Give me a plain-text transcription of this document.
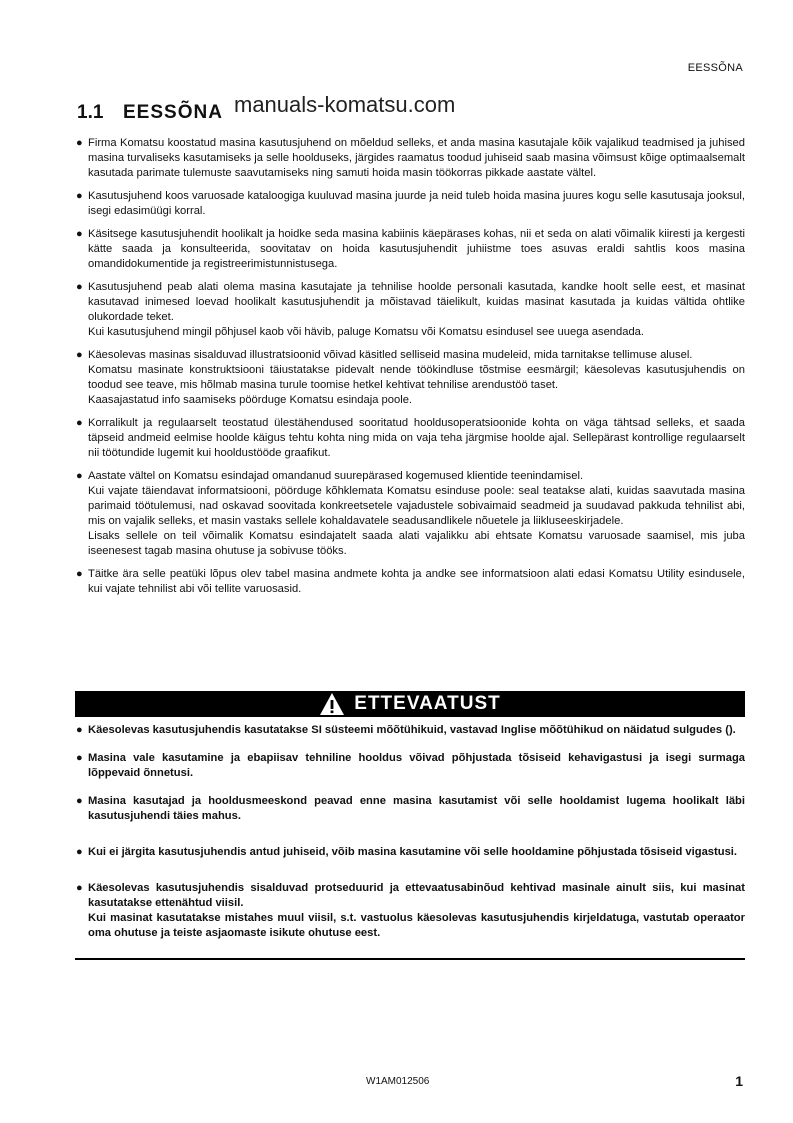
EESSÕNA
1.1 EESSÕNA manuals-komatsu.com
● Firma Komatsu koostatud masina kasutusjuhend on mõeldud selleks, et anda masina kasutajale kõik vajalikud teadmised ja juhised masina turvaliseks kasutamiseks ja selle hoolduseks, järgides raamatus toodud juhiseid saab masina võimsust kõige optimaalsemalt kasutada parimate tulemuste saavutamiseks ning samuti hoida masin töökorras pikkade aastate vältel.

● Kasutusjuhend koos varuosade kataloogiga kuuluvad masina juurde ja neid tuleb hoida masina juures kogu selle kasutusaja jooksul, isegi edasimüügi korral.

● Käsitsege kasutusjuhendit hoolikalt ja hoidke seda masina kabiinis käepärases kohas, nii et seda on alati võimalik kiiresti ja kergesti kätte saada ja konsulteerida, soovitatav on hoida kasutusjuhendit juhiistme toes asuvas eraldi sahtlis koos masina omandidokumentide ja registreerimistunnistusega.

● Kasutusjuhend peab alati olema masina kasutajate ja tehnilise hoolde personali kasutada, kandke hoolt selle eest, et masinat kasutavad inimesed loevad hoolikalt kasutusjuhendit ja mõistavad täielikult, kuidas masinat kasutada ja kuidas vältida ohtlike olukordade teket.

Kui kasutusjuhend mingil põhjusel kaob või hävib, paluge Komatsu või Komatsu esindusel see uuega asendada.

● Käesolevas masinas sisalduvad illustratsioonid võivad käsitled selliseid masina mudeleid, mida tarnitakse tellimuse alusel.

Komatsu masinate konstruktsiooni täiustatakse pidevalt nende töökindluse tõstmise eesmärgil; käesolevas kasutusjuhendis on toodud see teave, mis hõlmab masina turule toomise hetkel kehtivat tehnilise arendustöö taset.

Kaasajastatud info saamiseks pöörduge Komatsu esindaja poole.

● Korralikult ja regulaarselt teostatud ülestähendused sooritatud hooldusoperatsioonide kohta on väga tähtsad selleks, et saada täpseid andmeid eelmise hoolde käigus tehtu kohta ning mida on vaja teha järgmise hoolde ajal. Sellepärast kontrollige regulaarselt nii töötundide lugemit kui hooldustööde graafikut.

● Aastate vältel on Komatsu esindajad omandanud suurepärased kogemused klientide teenindamisel.

Kui vajate täiendavat informatsiooni, pöörduge kõhklemata Komatsu esinduse poole: seal teatakse alati, kuidas saavutada masina parimaid töötulemusi, nad oskavad soovitada konkreetsetele vajadustele sobivaimaid seadmeid ja suudavad pakkuda tehnilist abi, mis on vajalik selleks, et masin vastaks sellele kohaldavatele seadusandlikele nõuetele ja liikluseeskirjadele.

Lisaks sellele on teil võimalik Komatsu esindajatelt saada alati vajalikku abi ehtsate Komatsu varuosade saamisel, mis juba iseenesest tagab masina ohutuse ja sobivuse tööks.

● Täitke ära selle peatüki lõpus olev tabel masina andmete kohta ja andke see informatsioon alati edasi Komatsu Utility esindusele, kui vajate tehnilist abi või tellite varuosasid.

ETTEVAATUST
● Käesolevas kasutusjuhendis kasutatakse SI süsteemi mõõtühikuid, vastavad Inglise mõõtühikud on näidatud sulgudes ().

● Masina vale kasutamine ja ebapiisav tehniline hooldus võivad põhjustada tõsiseid kehavigastusi ja isegi surmaga lõppevaid õnnetusi.

● Masina kasutajad ja hooldusmeeskond peavad enne masina kasutamist või selle hooldamist lugema hoolikalt läbi kasutusjuhendi täies mahus.

● Kui ei järgita kasutusjuhendis antud juhiseid, võib masina kasutamine või selle hooldamine põhjustada tõsiseid vigastusi.

● Käesolevas kasutusjuhendis sisalduvad protseduurid ja ettevaatusabinõud kehtivad masinale ainult siis, kui masinat kasutatakse ettenähtud viisil.

Kui masinat kasutatakse mistahes muul viisil, s.t. vastuolus käesolevas kasutusjuhendis kirjeldatuga, vastutab operaator oma ohutuse ja teiste asjaomaste isikute ohutuse eest.

W1AM012506	1
